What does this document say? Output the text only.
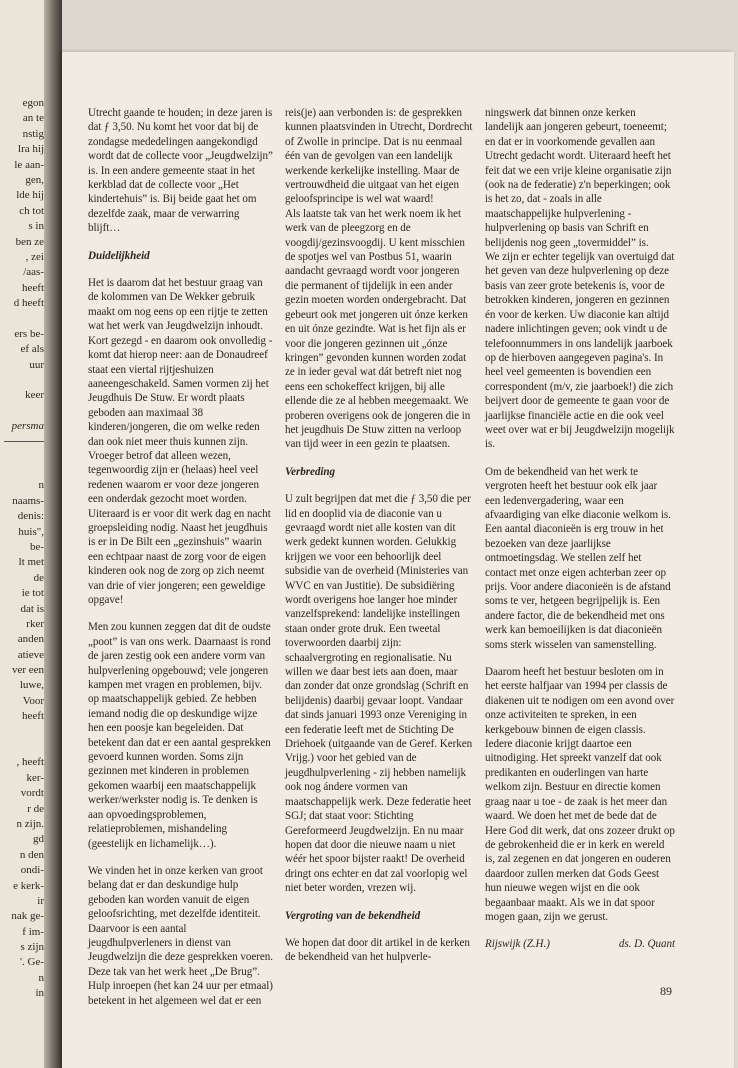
egon
an te
nstig
lra hij
le aan-
gen,
lde hij
ch tot
s in
ben ze
, zei
/aas-
heeft
d heeft
ers be-
ef als
uur
keer
persma
n
naams-
denis:
huis",
be-
lt met
de
ie tot
dat is
rker
anden
atieve
ver een
luwe,
Voor
heeft
, heeft
ker-
vordt
r de
n zijn.
gd
n den
ondi-
e kerk-
ir
nak ge-
f im-
s zijn
'. Ge-
n
in

Utrecht gaande te houden; in deze jaren is dat ƒ 3,50. Nu komt het voor dat bij de zondagse mededelingen aangekondigd wordt dat de collecte voor „Jeugdwelzijn” is. In een andere gemeente staat in het kerkblad dat de collecte voor „Het kindertehuis” is. Bij beide gaat het om dezelfde zaak, maar de verwarring blijft…

Duidelijkheid

Het is daarom dat het bestuur graag van de kolommen van De Wekker gebruik maakt om nog eens op een rijtje te zetten wat het werk van Jeugdwelzijn inhoudt. Kort gezegd - en daarom ook onvolledig - komt dat hierop neer: aan de Donaudreef staat een viertal rijtjeshuizen aaneengeschakeld. Samen vormen zij het Jeugdhuis De Stuw. Er wordt plaats geboden aan maximaal 38 kinderen/jongeren, die om welke reden dan ook niet meer thuis kunnen zijn. Vroeger betrof dat alleen wezen, tegenwoordig zijn er (helaas) heel veel redenen waarom er voor deze jongeren een onderdak gezocht moet worden. Uiteraard is er voor dit werk dag en nacht groepsleiding nodig. Naast het jeugdhuis is er in De Bilt een „gezinshuis” waarin een echtpaar naast de zorg voor de eigen kinderen ook nog de zorg op zich neemt van drie of vier jongeren; een geweldige opgave!

Men zou kunnen zeggen dat dit de oudste „poot” is van ons werk. Daarnaast is rond de jaren zestig ook een andere vorm van hulpverlening opgebouwd; vele jongeren kampen met vragen en problemen, bijv. op maatschappelijk gebied. Ze hebben iemand nodig die op deskundige wijze hen een poosje kan begeleiden. Dat betekent dan dat er een aantal gesprekken gevoerd kunnen worden. Soms zijn gezinnen met kinderen in problemen gekomen waarbij een maatschappelijk werker/werkster nodig is. Te denken is aan opvoedingsproblemen, relatieproblemen, mishandeling (geestelijk en lichamelijk…).

We vinden het in onze kerken van groot belang dat er dan deskundige hulp geboden kan worden vanuit de eigen geloofsrichting, met dezelfde identiteit. Daarvoor is een aantal jeugdhulpverleners in dienst van Jeugdwelzijn die deze gesprekken voeren. Deze tak van het werk heet „De Brug”. Hulp inroepen (het kan 24 uur per etmaal) betekent in het algemeen wel dat er een

reis(je) aan verbonden is: de gesprekken kunnen plaatsvinden in Utrecht, Dordrecht of Zwolle in principe. Dat is nu eenmaal één van de gevolgen van een landelijk werkende kerkelijke instelling. Maar de vertrouwdheid die uitgaat van het eigen geloofsprincipe is wel wat waard!

Als laatste tak van het werk noem ik het werk van de pleegzorg en de voogdij/gezinsvoogdij. U kent misschien de spotjes wel van Postbus 51, waarin aandacht gevraagd wordt voor jongeren die permanent of tijdelijk in een ander gezin moeten worden ondergebracht. Dat gebeurt ook met jongeren uit ónze kerken en uit ónze gezindte. Wat is het fijn als er voor die jongeren gezinnen uit „ónze kringen” gevonden kunnen worden zodat ze in ieder geval wat dát betreft niet nog eens een schokeffect krijgen, bij alle ellende die ze al hebben meegemaakt. We proberen overigens ook de jongeren die in het jeugdhuis De Stuw zitten na verloop van tijd weer in een gezin te plaatsen.

Verbreding

U zult begrijpen dat met die ƒ 3,50 die per lid en dooplid via de diaconie van u gevraagd wordt niet alle kosten van dit werk gedekt kunnen worden. Gelukkig krijgen we voor een behoorlijk deel subsidie van de overheid (Ministeries van WVC en van Justitie). De subsidiëring wordt overigens hoe langer hoe minder vanzelfsprekend: landelijke instellingen staan onder grote druk. Een tweetal toverwoorden daarbij zijn: schaalvergroting en regionalisatie. Nu willen we daar best iets aan doen, maar dan zonder dat onze grondslag (Schrift en belijdenis) daarbij gevaar loopt. Vandaar dat sinds januari 1993 onze Vereniging in een federatie leeft met de Stichting De Driehoek (uitgaande van de Geref. Kerken Vrijg.) voor het gebied van de jeugdhulpverlening - zij hebben namelijk ook nog ándere vormen van maatschappelijk werk. Deze federatie heet SGJ; dat staat voor: Stichting Gereformeerd Jeugdwelzijn. En nu maar hopen dat door die nieuwe naam u niet wéér het spoor bijster raakt! De overheid dringt ons echter en dat zal voorlopig wel niet beter worden, vrezen wij.

Vergroting van de bekendheid

We hopen dat door dit artikel in de kerken de bekendheid van het hulpverle-

ningswerk dat binnen onze kerken landelijk aan jongeren gebeurt, toeneemt; en dat er in voorkomende gevallen aan Utrecht gedacht wordt. Uiteraard heeft het feit dat we een vrije kleine organisatie zijn (ook na de federatie) z'n beperkingen; ook is het zo, dat - zoals in alle maatschappelijke hulpverlening - hulpverlening op basis van Schrift en belijdenis nog geen „tovermiddel” is.

We zijn er echter tegelijk van overtuigd dat het geven van deze hulpverlening op deze basis van zeer grote betekenis is, voor de betrokken kinderen, jongeren en gezinnen én voor de kerken. Uw diaconie kan altijd nadere inlichtingen geven; ook vindt u de telefoonnummers in ons landelijk jaarboek op de hierboven aangegeven pagina's. In heel veel gemeenten is bovendien een correspondent (m/v, zie jaarboek!) die zich beijvert door de gemeente te gaan voor de jaarlijkse financiële actie en die ook veel weet over wat er bij Jeugdwelzijn mogelijk is.

Om de bekendheid van het werk te vergroten heeft het bestuur ook elk jaar een ledenvergadering, waar een afvaardiging van elke diaconie welkom is. Een aantal diaconieën is erg trouw in het bezoeken van deze jaarlijkse ontmoetingsdag. We stellen zelf het contact met onze eigen achterban zeer op prijs. Voor andere diaconieën is de afstand soms te ver, hetgeen begrijpelijk is. Een andere factor, die de bekendheid met ons werk kan bemoeilijken is dat diaconieën soms sterk wisselen van samenstelling.

Daarom heeft het bestuur besloten om in het eerste halfjaar van 1994 per classis de diakenen uit te nodigen om een avond over onze activiteiten te spreken, in een kerkgebouw binnen de eigen classis. Iedere diaconie krijgt daartoe een uitnodiging. Het spreekt vanzelf dat ook predikanten en ouderlingen van harte welkom zijn. Bestuur en directie komen graag naar u toe - de zaak is het meer dan waard. We doen het met de bede dat de Here God dit werk, dat ons zozeer drukt op de gebrokenheid die er in kerk en wereld is, zal zegenen en dat jongeren en ouderen daardoor zullen merken dat Gods Geest hun nieuwe wegen wijst en die ook begaanbaar maakt. Als we in dat spoor mogen gaan, zijn we gerust.

Rijswijk (Z.H.)	ds. D. Quant
89
